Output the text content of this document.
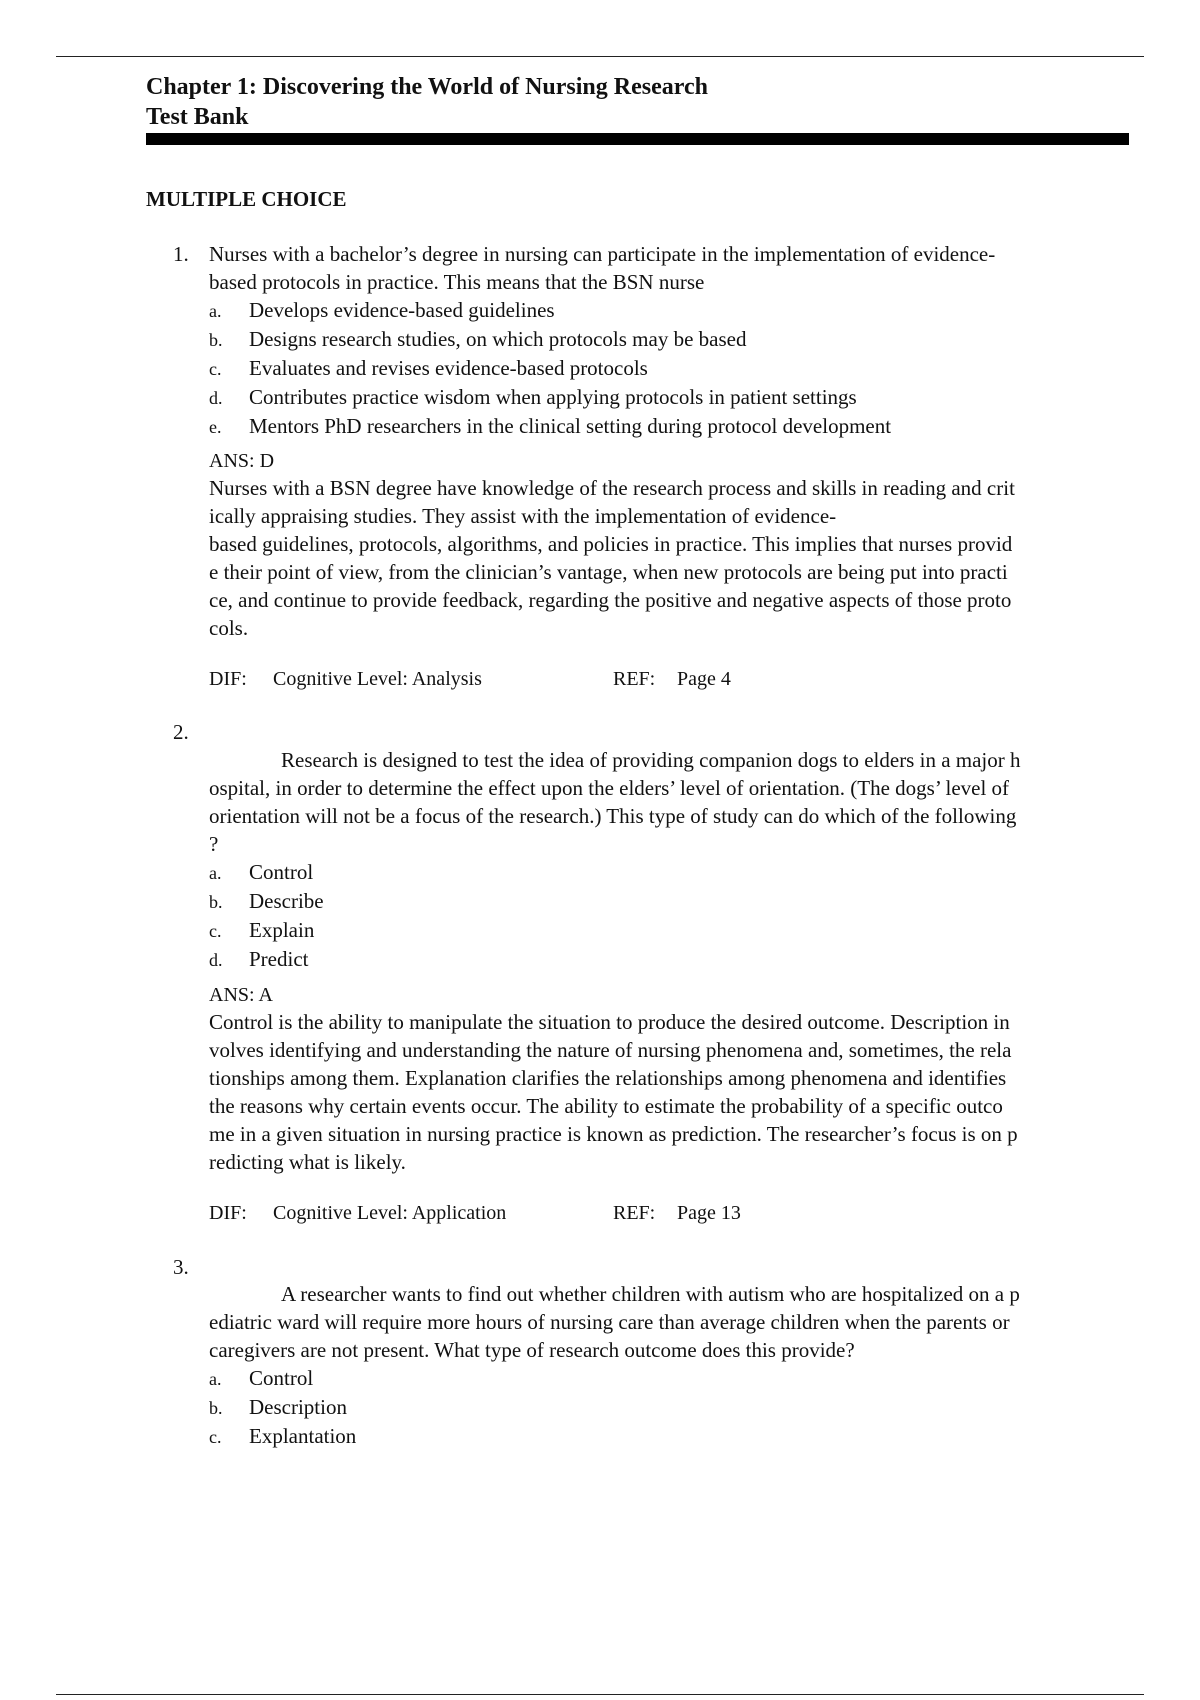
Chapter 1: Discovering the World of Nursing Research
Test Bank
MULTIPLE CHOICE
1. Nurses with a bachelor’s degree in nursing can participate in the implementation of evidence-
based protocols in practice. This means that the BSN nurse
a. Develops evidence-based guidelines
b. Designs research studies, on which protocols may be based
c. Evaluates and revises evidence-based protocols
d. Contributes practice wisdom when applying protocols in patient settings
e. Mentors PhD researchers in the clinical setting during protocol development
ANS: D
Nurses with a BSN degree have knowledge of the research process and skills in reading and crit
ically appraising studies. They assist with the implementation of evidence-
based guidelines, protocols, algorithms, and policies in practice. This implies that nurses provid
e their point of view, from the clinician’s vantage, when new protocols are being put into practi
ce, and continue to provide feedback, regarding the positive and negative aspects of those proto
cols.
DIF: Cognitive Level: Analysis	REF: Page 4
2.
Research is designed to test the idea of providing companion dogs to elders in a major h
ospital, in order to determine the effect upon the elders’ level of orientation. (The dogs’ level of
orientation will not be a focus of the research.) This type of study can do which of the following
?
a. Control
b. Describe
c. Explain
d. Predict
ANS: A
Control is the ability to manipulate the situation to produce the desired outcome. Description in
volves identifying and understanding the nature of nursing phenomena and, sometimes, the rela
tionships among them. Explanation clarifies the relationships among phenomena and identifies
the reasons why certain events occur. The ability to estimate the probability of a specific outco
me in a given situation in nursing practice is known as prediction. The researcher’s focus is on p
redicting what is likely.
DIF: Cognitive Level: Application	REF: Page 13
3.
A researcher wants to find out whether children with autism who are hospitalized on a p
ediatric ward will require more hours of nursing care than average children when the parents or
caregivers are not present. What type of research outcome does this provide?
a. Control
b. Description
c. Explantation
